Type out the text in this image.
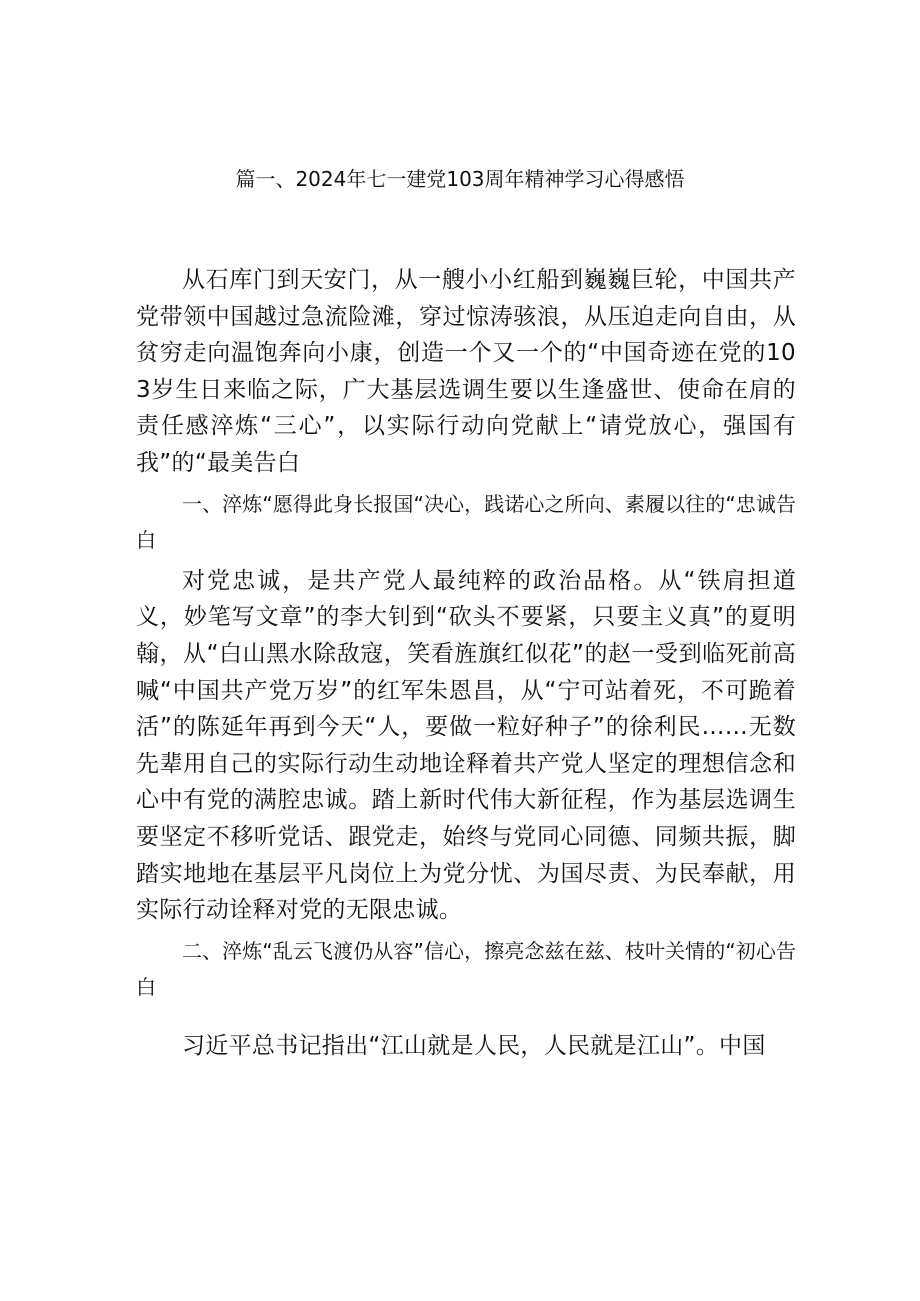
篇一、2024年七一建党103周年精神学习心得感悟

从石库门到天安门，从一艘小小红船到巍巍巨轮，中国共产党带领中国越过急流险滩，穿过惊涛骇浪，从压迫走向自由，从贫穷走向温饱奔向小康，创造一个又一个的“中国奇迹在党的103岁生日来临之际，广大基层选调生要以生逢盛世、使命在肩的责任感淬炼“三心”，以实际行动向党献上“请党放心，强国有我”的“最美告白

一、淬炼“愿得此身长报国“决心，践诺心之所向、素履以往的“忠诚告白

对党忠诚，是共产党人最纯粹的政治品格。从“铁肩担道义，妙笔写文章”的李大钊到“砍头不要紧，只要主义真”的夏明翰，从“白山黑水除敌寇，笑看旌旗红似花”的赵一受到临死前高喊“中国共产党万岁”的红军朱恩昌，从“宁可站着死，不可跪着活”的陈延年再到今天“人，要做一粒好种子”的徐利民……无数先辈用自己的实际行动生动地诠释着共产党人坚定的理想信念和心中有党的满腔忠诚。踏上新时代伟大新征程，作为基层选调生要坚定不移听党话、跟党走，始终与党同心同德、同频共振，脚踏实地地在基层平凡岗位上为党分忧、为国尽责、为民奉献，用实际行动诠释对党的无限忠诚。

二、淬炼“乱云飞渡仍从容”信心，擦亮念兹在兹、枝叶关情的“初心告白

习近平总书记指出“江山就是人民，人民就是江山”。中国
